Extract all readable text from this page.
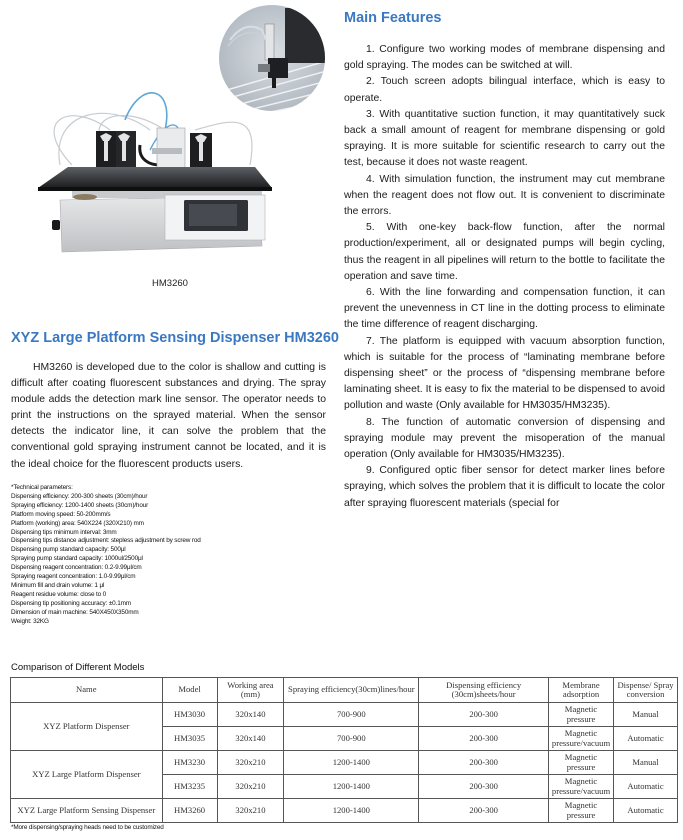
HM3260
XYZ Large Platform Sensing Dispenser HM3260

HM3260 is developed due to the color is shallow and cutting is difficult after coating fluorescent substances and drying. The spray module adds the detection mark line sensor. The operator needs to print the instructions on the sprayed material. When the sensor detects the indicator line, it can solve the problem that the conventional gold spraying instrument cannot be located, and it is the ideal choice for the fluorescent products users.

*Technical parameters:
Dispensing efficiency: 200-300 sheets (30cm)/hour
Spraying efficiency: 1200-1400 sheets (30cm)/hour
Platform moving speed: 50-200mm/s
Platform (working) area: 540X224 (320X210) mm
Dispensing tips minimum interval: 3mm
Dispensing tips distance adjustment: stepless adjustment by screw rod
Dispensing pump standard capacity: 500μl
Spraying pump standard capacity: 1000ul/2500μl
Dispensing reagent concentration: 0.2-9.99μl/cm
Spraying reagent concentration: 1.0-9.99μl/cm
Minimum fill and drain volume: 1 μl
Reagent residue volume: close to 0
Dispensing tip positioning accuracy: ±0.1mm
Dimension of main machine: 540X450X350mm
Weight: 32KG
Main Features

1. Configure two working modes of membrane dispensing and gold spraying. The modes can be switched at will.

2. Touch screen adopts bilingual interface, which is easy to operate.

3. With quantitative suction function, it may quantitatively suck back a small amount of reagent for membrane dispensing or gold spraying. It is more suitable for scientific research to carry out the test, because it does not waste reagent.

4. With simulation function, the instrument may cut membrane when the reagent does not flow out. It is convenient to discriminate the errors.

5. With one-key back-flow function, after the normal production/experiment, all or designated pumps will begin cycling, thus the reagent in all pipelines will return to the bottle to facilitate the operation and save time.

6. With the line forwarding and compensation function, it can prevent the unevenness in CT line in the dotting process to eliminate the time difference of reagent discharging.

7. The platform is equipped with vacuum absorption function, which is suitable for the process of “laminating membrane before dispensing sheet” or the process of “dispensing membrane before laminating sheet. It is easy to fix the material to be dispensed to avoid pollution and waste (Only available for HM3035/HM3235).

8. The function of automatic conversion of dispensing and spraying module may prevent the misoperation of the manual operation (Only available for HM3035/HM3235).

9. Configured optic fiber sensor for detect marker lines before spraying, which solves the problem that it is difficult to locate the color after spraying fluorescent materials (special for

Comparison of Different Models
Name	Model	Working area (mm)	Spraying efficiency(30cm)lines/hour	Dispensing efficiency (30cm)sheets/hour	Membrane adsorption	Dispense/ Spray conversion
XYZ Platform Dispenser	HM3030	320x140	700-900	200-300	Magnetic pressure	Manual
	HM3035	320x140	700-900	200-300	Magnetic pressure/vacuum	Automatic
XYZ Large Platform Dispenser	HM3230	320x210	1200-1400	200-300	Magnetic pressure	Manual
	HM3235	320x210	1200-1400	200-300	Magnetic pressure/vacuum	Automatic
XYZ Large Platform Sensing Dispenser	HM3260	320x210	1200-1400	200-300	Magnetic pressure	Automatic
*More dispensing/spraying heads need to be customized
